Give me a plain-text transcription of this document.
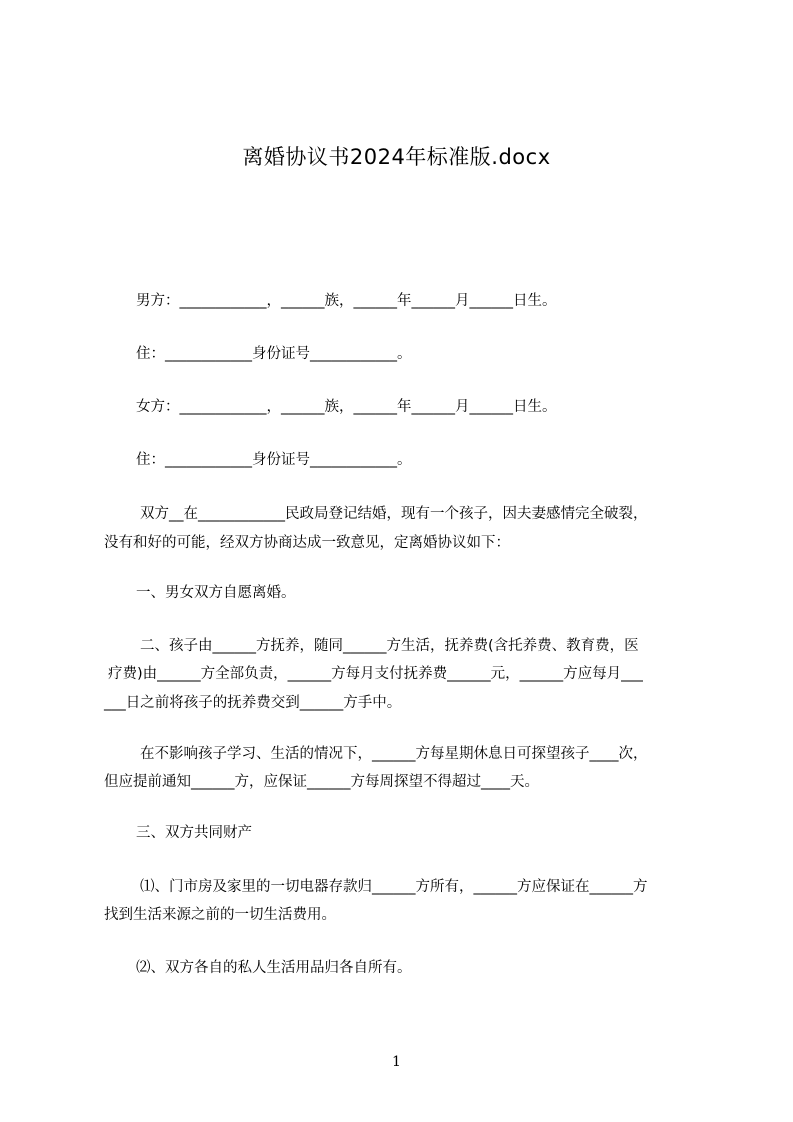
离婚协议书2024年标准版.docx
男方：____________，______族，______年______月______日生。
住：____________身份证号____________。
女方：____________，______族，______年______月______日生。
住：____________身份证号____________。
双方__在____________民政局登记结婚，现有一个孩子，因夫妻感情完全破裂，
没有和好的可能，经双方协商达成一致意见，定离婚协议如下：
一、男女双方自愿离婚。
二、孩子由______方抚养，随同______方生活，抚养费(含托养费、教育费，医
疗费)由______方全部负责，______方每月支付抚养费______元，______方应每月___
___日之前将孩子的抚养费交到______方手中。
在不影响孩子学习、生活的情况下，______方每星期休息日可探望孩子____次，
但应提前通知______方，应保证______方每周探望不得超过____天。
三、双方共同财产
⑴、门市房及家里的一切电器存款归______方所有，______方应保证在______方
找到生活来源之前的一切生活费用。
⑵、双方各自的私人生活用品归各自所有。
1
